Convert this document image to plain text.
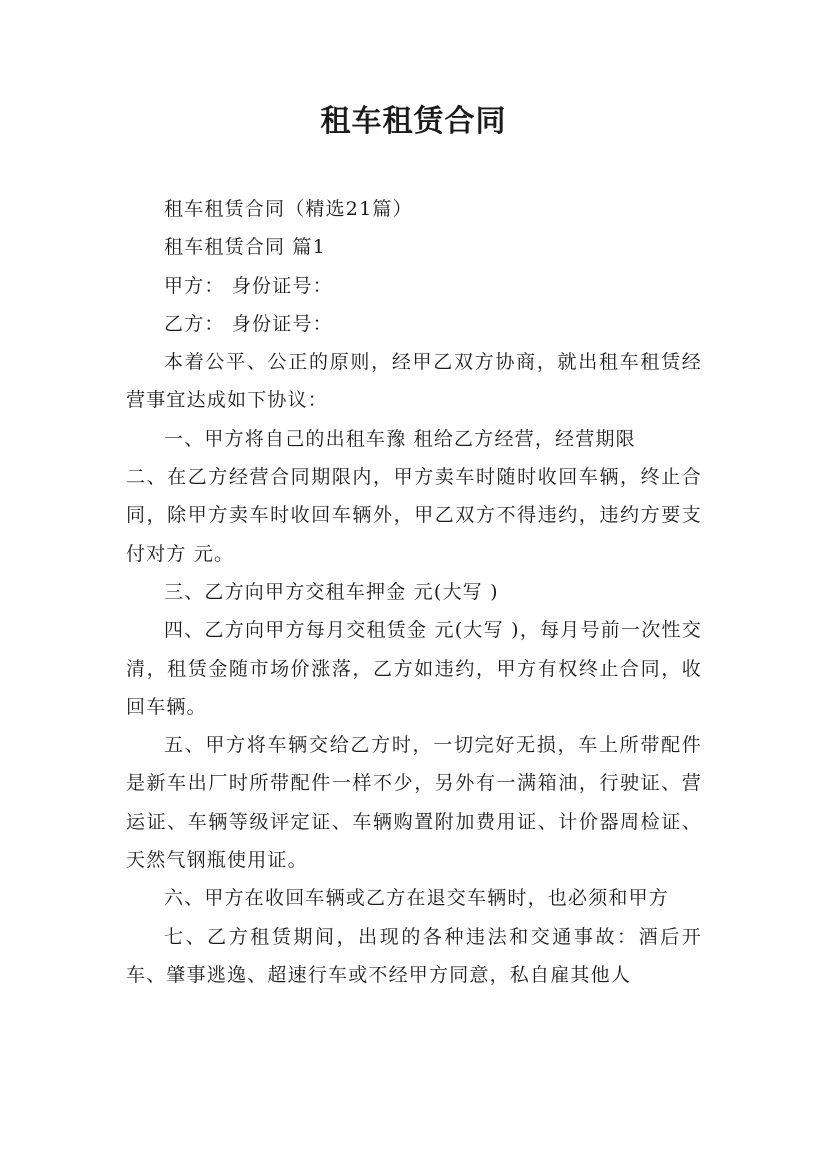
租车租赁合同

租车租赁合同（精选21篇）

租车租赁合同 篇1

甲方： 身份证号：

乙方： 身份证号：

本着公平、公正的原则，经甲乙双方协商，就出租车租赁经营事宜达成如下协议：

一、甲方将自己的出租车豫 租给乙方经营，经营期限

二、在乙方经营合同期限内，甲方卖车时随时收回车辆，终止合同，除甲方卖车时收回车辆外，甲乙双方不得违约，违约方要支付对方 元。

三、乙方向甲方交租车押金 元(大写 )

四、乙方向甲方每月交租赁金 元(大写 )，每月号前一次性交清，租赁金随市场价涨落，乙方如违约，甲方有权终止合同，收回车辆。

五、甲方将车辆交给乙方时，一切完好无损，车上所带配件是新车出厂时所带配件一样不少，另外有一满箱油，行驶证、营运证、车辆等级评定证、车辆购置附加费用证、计价器周检证、天然气钢瓶使用证。

六、甲方在收回车辆或乙方在退交车辆时，也必须和甲方

七、乙方租赁期间，出现的各种违法和交通事故：酒后开车、肇事逃逸、超速行车或不经甲方同意，私自雇其他人
